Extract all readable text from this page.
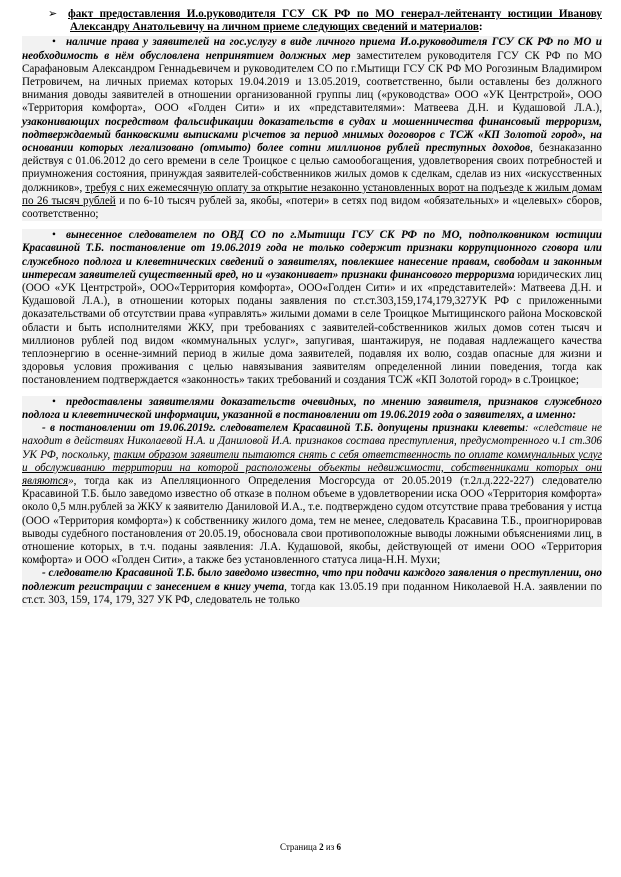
➢ факт предоставления И.о.руководителя ГСУ СК РФ по МО генерал-лейтенанту юстиции Иванову Александру Анатольевичу на личном приеме следующих сведений и материалов:
• наличие права у заявителей на гос.услугу в виде личного приема И.о.руководителя ГСУ СК РФ по МО и необходимость в нём обусловлена непринятием должных мер заместителем руководителя ГСУ СК РФ по МО Сарафановым Александром Геннадьевичем и руководителем СО по г.Мытищи ГСУ СК РФ МО Рогозиным Владимиром Петровичем, на личных приемах которых 19.04.2019 и 13.05.2019, соответственно, были оставлены без должного внимания доводы заявителей в отношении организованной группы лиц («руководства» ООО «УК Центрстрой», ООО «Территория комфорта», ООО «Голден Сити» и их «представителями»: Матвеева Д.Н. и Кудашовой Л.А.), узаконивающих посредством фальсификации доказательств в судах и мошенничества финансовый терроризм, подтверждаемый банковскими выписками р\счетов за период мнимых договоров с ТСЖ «КП Золотой город», на основании которых легализовано (отмыто) более сотни миллионов рублей преступных доходов, безнаказанно действуя с 01.06.2012 до сего времени в селе Троицкое с целью самообогащения, удовлетворения своих потребностей и приумножения состояния, принуждая заявителей-собственников жилых домов к сделкам, сделав из них «искусственных должников», требуя с них ежемесячную оплату за открытие незаконно установленных ворот на подъезде к жилым домам по 26 тысяч рублей и по 6-10 тысяч рублей за, якобы, «потери» в сетях под видом «обязательных» и «целевых» сборов, соответственно;
• вынесенное следователем по ОВД СО по г.Мытищи ГСУ СК РФ по МО, подполковником юстиции Красавиной Т.Б. постановление от 19.06.2019 года не только содержит признаки коррупционного сговора или служебного подлога и клеветнических сведений о заявителях, повлекшее нанесение правам, свободам и законным интересам заявителей существенный вред, но и «узаконивает» признаки финансового терроризма юридических лиц (ООО «УК Центрстрой», ООО«Территория комфорта», ООО«Голден Сити» и их «представителей»: Матвеева Д.Н. и Кудашовой Л.А.), в отношении которых поданы заявления по ст.ст.303,159,174,179,327УК РФ с приложенными доказательствами об отсутствии права «управлять» жилыми домами в селе Троицкое Мытищинского района Московской области и быть исполнителями ЖКУ, при требованиях с заявителей-собственников жилых домов сотен тысяч и миллионов рублей под видом «коммунальных услуг», запугивая, шантажируя, не подавая надлежащего качества теплоэнергию в осенне-зимний период в жилые дома заявителей, подавляя их волю, создав опасные для жизни и здоровья условия проживания с целью навязывания заявителям определенной линии поведения, тогда как постановлением подтверждается «законность» таких требований и создания ТСЖ «КП Золотой город» в с.Троицкое;
• предоставлены заявителями доказательств очевидных, по мнению заявителя, признаков служебного подлога и клеветнической информации, указанной в постановлении от 19.06.2019 года о заявителях, а именно:
- в постановлении от 19.06.2019г. следователем Красавиной Т.Б. допущены признаки клеветы: «следствие не находит в действиях Николаевой Н.А. и Даниловой И.А. признаков состава преступления, предусмотренного ч.1 ст.306 УК РФ, поскольку, таким образом заявители пытаются снять с себя ответственность по оплате коммунальных услуг и обслуживанию территории на которой расположены объекты недвижимости, собственниками которых они являются», тогда как из Апелляционного Определения Мосгорсуда от 20.05.2019 (т.2л.д.222-227) следователю Красавиной Т.Б. было заведомо известно об отказе в полном объеме в удовлетворении иска ООО «Территория комфорта» около 0,5 млн.рублей за ЖКУ к заявителю Даниловой И.А., т.е. подтверждено судом отсутствие права требования у истца (ООО «Территория комфорта») к собственнику жилого дома, тем не менее, следователь Красавина Т.Б., проигнорировав выводы судебного постановления от 20.05.19, обосновала свои противоположные выводы ложными объяснениями лиц, в отношение которых, в т.ч. поданы заявления: Л.А. Кудашовой, якобы, действующей от имени ООО «Территория комфорта» и ООО «Голден Сити», а также без установленного статуса лица-Н.Н. Мухи;
- следователю Красавиной Т.Б. было заведомо известно, что при подачи каждого заявления о преступлении, оно подлежит регистрации с занесением в книгу учета, тогда как 13.05.19 при поданном Николаевой Н.А. заявлении по ст.ст. 303, 159, 174, 179, 327 УК РФ, следователь не только
Страница 2 из 6
